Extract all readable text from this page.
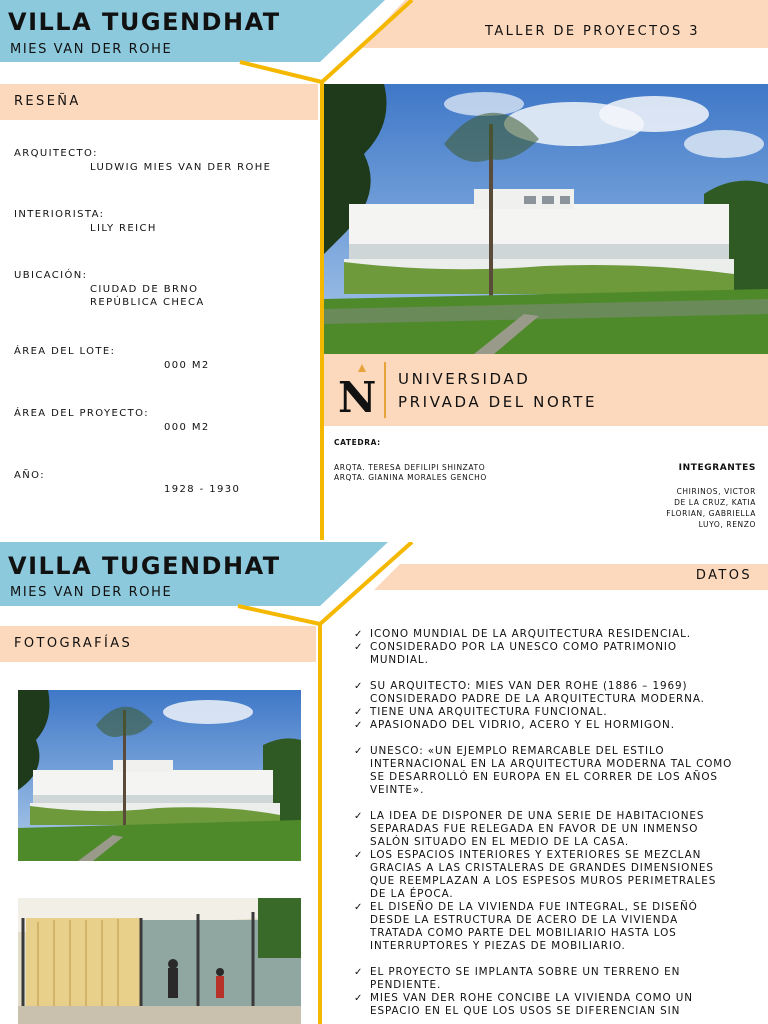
VILLA TUGENDHAT
MIES VAN DER ROHE
TALLER DE PROYECTOS 3
RESEÑA
ARQUITECTO:
LUDWIG MIES VAN DER ROHE
INTERIORISTA:
LILY REICH
UBICACIÓN:
CIUDAD DE BRNO
REPÚBLICA CHECA
ÁREA DEL LOTE:
000 M2
ÁREA DEL PROYECTO:
000 M2
AÑO:
1928 - 1930
N UNIVERSIDAD
PRIVADA DEL NORTE
CATEDRA:
ARQTA. TERESA DEFILIPI SHINZATO
ARQTA. GIANINA MORALES GENCHO
INTEGRANTES
CHIRINOS, VICTOR
DE LA CRUZ, KATIA
FLORIAN, GABRIELLA
LUYO, RENZO
VILLA TUGENDHAT
MIES VAN DER ROHE
DATOS
FOTOGRAFÍAS
✓ ICONO MUNDIAL DE LA ARQUITECTURA RESIDENCIAL.
✓ CONSIDERADO POR LA UNESCO COMO PATRIMONIO MUNDIAL.
✓ SU ARQUITECTO: MIES VAN DER ROHE (1886 – 1969) CONSIDERADO PADRE DE LA ARQUITECTURA MODERNA.
✓ TIENE UNA ARQUITECTURA FUNCIONAL.
✓ APASIONADO DEL VIDRIO, ACERO Y EL HORMIGON.
✓ UNESCO: «UN EJEMPLO REMARCABLE DEL ESTILO INTERNACIONAL EN LA ARQUITECTURA MODERNA TAL COMO SE DESARROLLÓ EN EUROPA EN EL CORRER DE LOS AÑOS VEINTE».
✓ LA IDEA DE DISPONER DE UNA SERIE DE HABITACIONES SEPARADAS FUE RELEGADA EN FAVOR DE UN INMENSO SALÓN SITUADO EN EL MEDIO DE LA CASA.
✓ LOS ESPACIOS INTERIORES Y EXTERIORES SE MEZCLAN GRACIAS A LAS CRISTALERAS DE GRANDES DIMENSIONES QUE REEMPLAZAN A LOS ESPESOS MUROS PERIMETRALES DE LA ÉPOCA.
✓ EL DISEÑO DE LA VIVIENDA FUE INTEGRAL, SE DISEÑÓ DESDE LA ESTRUCTURA DE ACERO DE LA VIVIENDA TRATADA COMO PARTE DEL MOBILIARIO HASTA LOS INTERRUPTORES Y PIEZAS DE MOBILIARIO.
✓ EL PROYECTO SE IMPLANTA SOBRE UN TERRENO EN PENDIENTE.
✓ MIES VAN DER ROHE CONCIBE LA VIVIENDA COMO UN ESPACIO EN EL QUE LOS USOS SE DIFERENCIAN SIN
